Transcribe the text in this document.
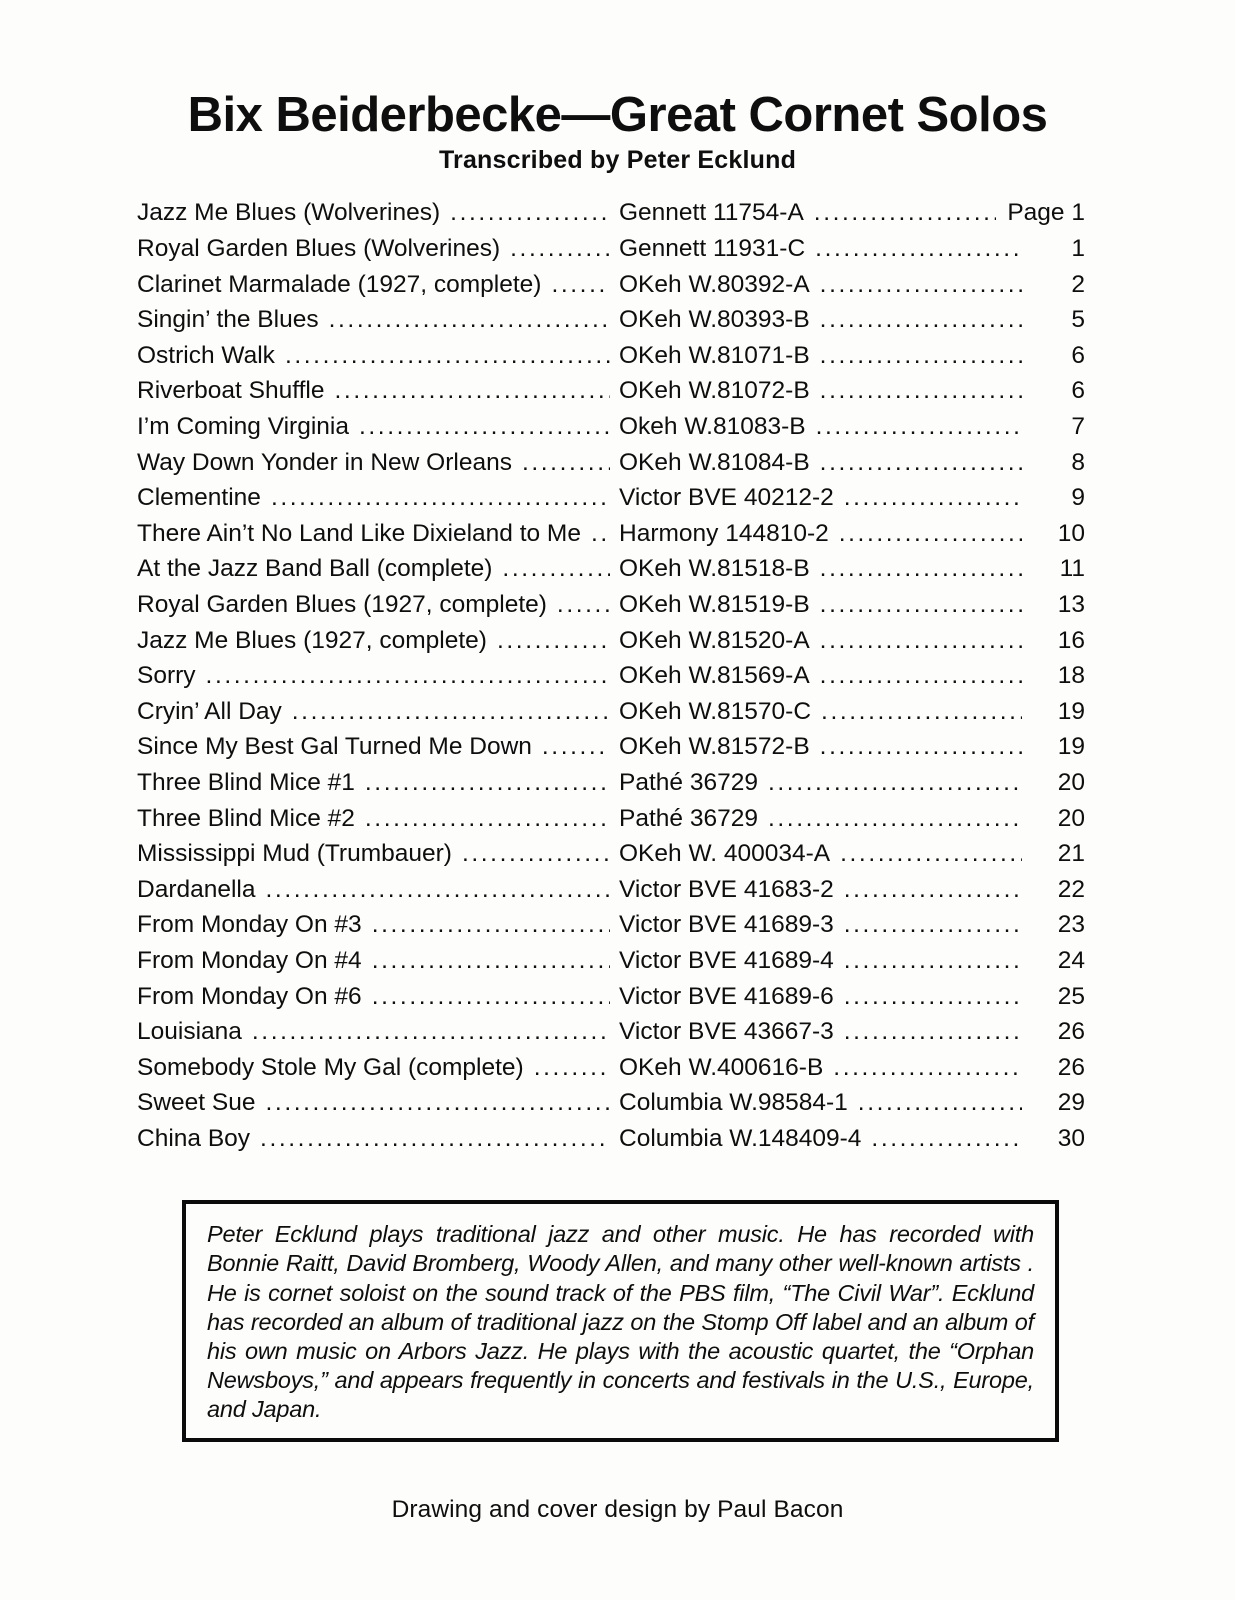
Bix Beiderbecke—Great Cornet Solos
Transcribed by Peter Ecklund
Jazz Me Blues (Wolverines) .....	Gennett 11754-A .....	Page 1
Royal Garden Blues (Wolverines) .....	Gennett 11931-C .....	1
Clarinet Marmalade (1927, complete) .....	OKeh W.80392-A .....	2
Singin’ the Blues .....	OKeh W.80393-B .....	5
Ostrich Walk .....	OKeh W.81071-B .....	6
Riverboat Shuffle .....	OKeh W.81072-B .....	6
I’m Coming Virginia .....	Okeh W.81083-B .....	7
Way Down Yonder in New Orleans .....	OKeh W.81084-B .....	8
Clementine .....	Victor BVE 40212-2 .....	9
There Ain’t No Land Like Dixieland to Me ..... Harmony 144810-2 .....	10
At the Jazz Band Ball (complete) .....	OKeh W.81518-B .....	11
Royal Garden Blues (1927, complete) .....	OKeh W.81519-B .....	13
Jazz Me Blues (1927, complete) .....	OKeh W.81520-A .....	16
Sorry .....	OKeh W.81569-A .....	18
Cryin’ All Day .....	OKeh W.81570-C .....	19
Since My Best Gal Turned Me Down .....	OKeh W.81572-B .....	19
Three Blind Mice #1 .....	Pathé 36729 .....	20
Three Blind Mice #2 .....	Pathé 36729 .....	20
Mississippi Mud (Trumbauer) .....	OKeh W. 400034-A .....	21
Dardanella .....	Victor BVE 41683-2 .....	22
From Monday On #3 .....	Victor BVE 41689-3 .....	23
From Monday On #4 .....	Victor BVE 41689-4 .....	24
From Monday On #6 .....	Victor BVE 41689-6 .....	25
Louisiana .....	Victor BVE 43667-3 .....	26
Somebody Stole My Gal (complete) .....	OKeh W.400616-B .....	26
Sweet Sue .....	Columbia W.98584-1 .....	29
China Boy .....	Columbia W.148409-4 .....	30
Peter Ecklund plays traditional jazz and other music. He has recorded with Bonnie Raitt, David Bromberg, Woody Allen, and many other well-known artists . He is cornet soloist on the sound track of the PBS film, “The Civil War”. Ecklund has recorded an album of traditional jazz on the Stomp Off label and an album of his own music on Arbors Jazz. He plays with the acoustic quartet, the “Orphan Newsboys,” and appears frequently in concerts and festivals in the U.S., Europe, and Japan.
Drawing and cover design by Paul Bacon
